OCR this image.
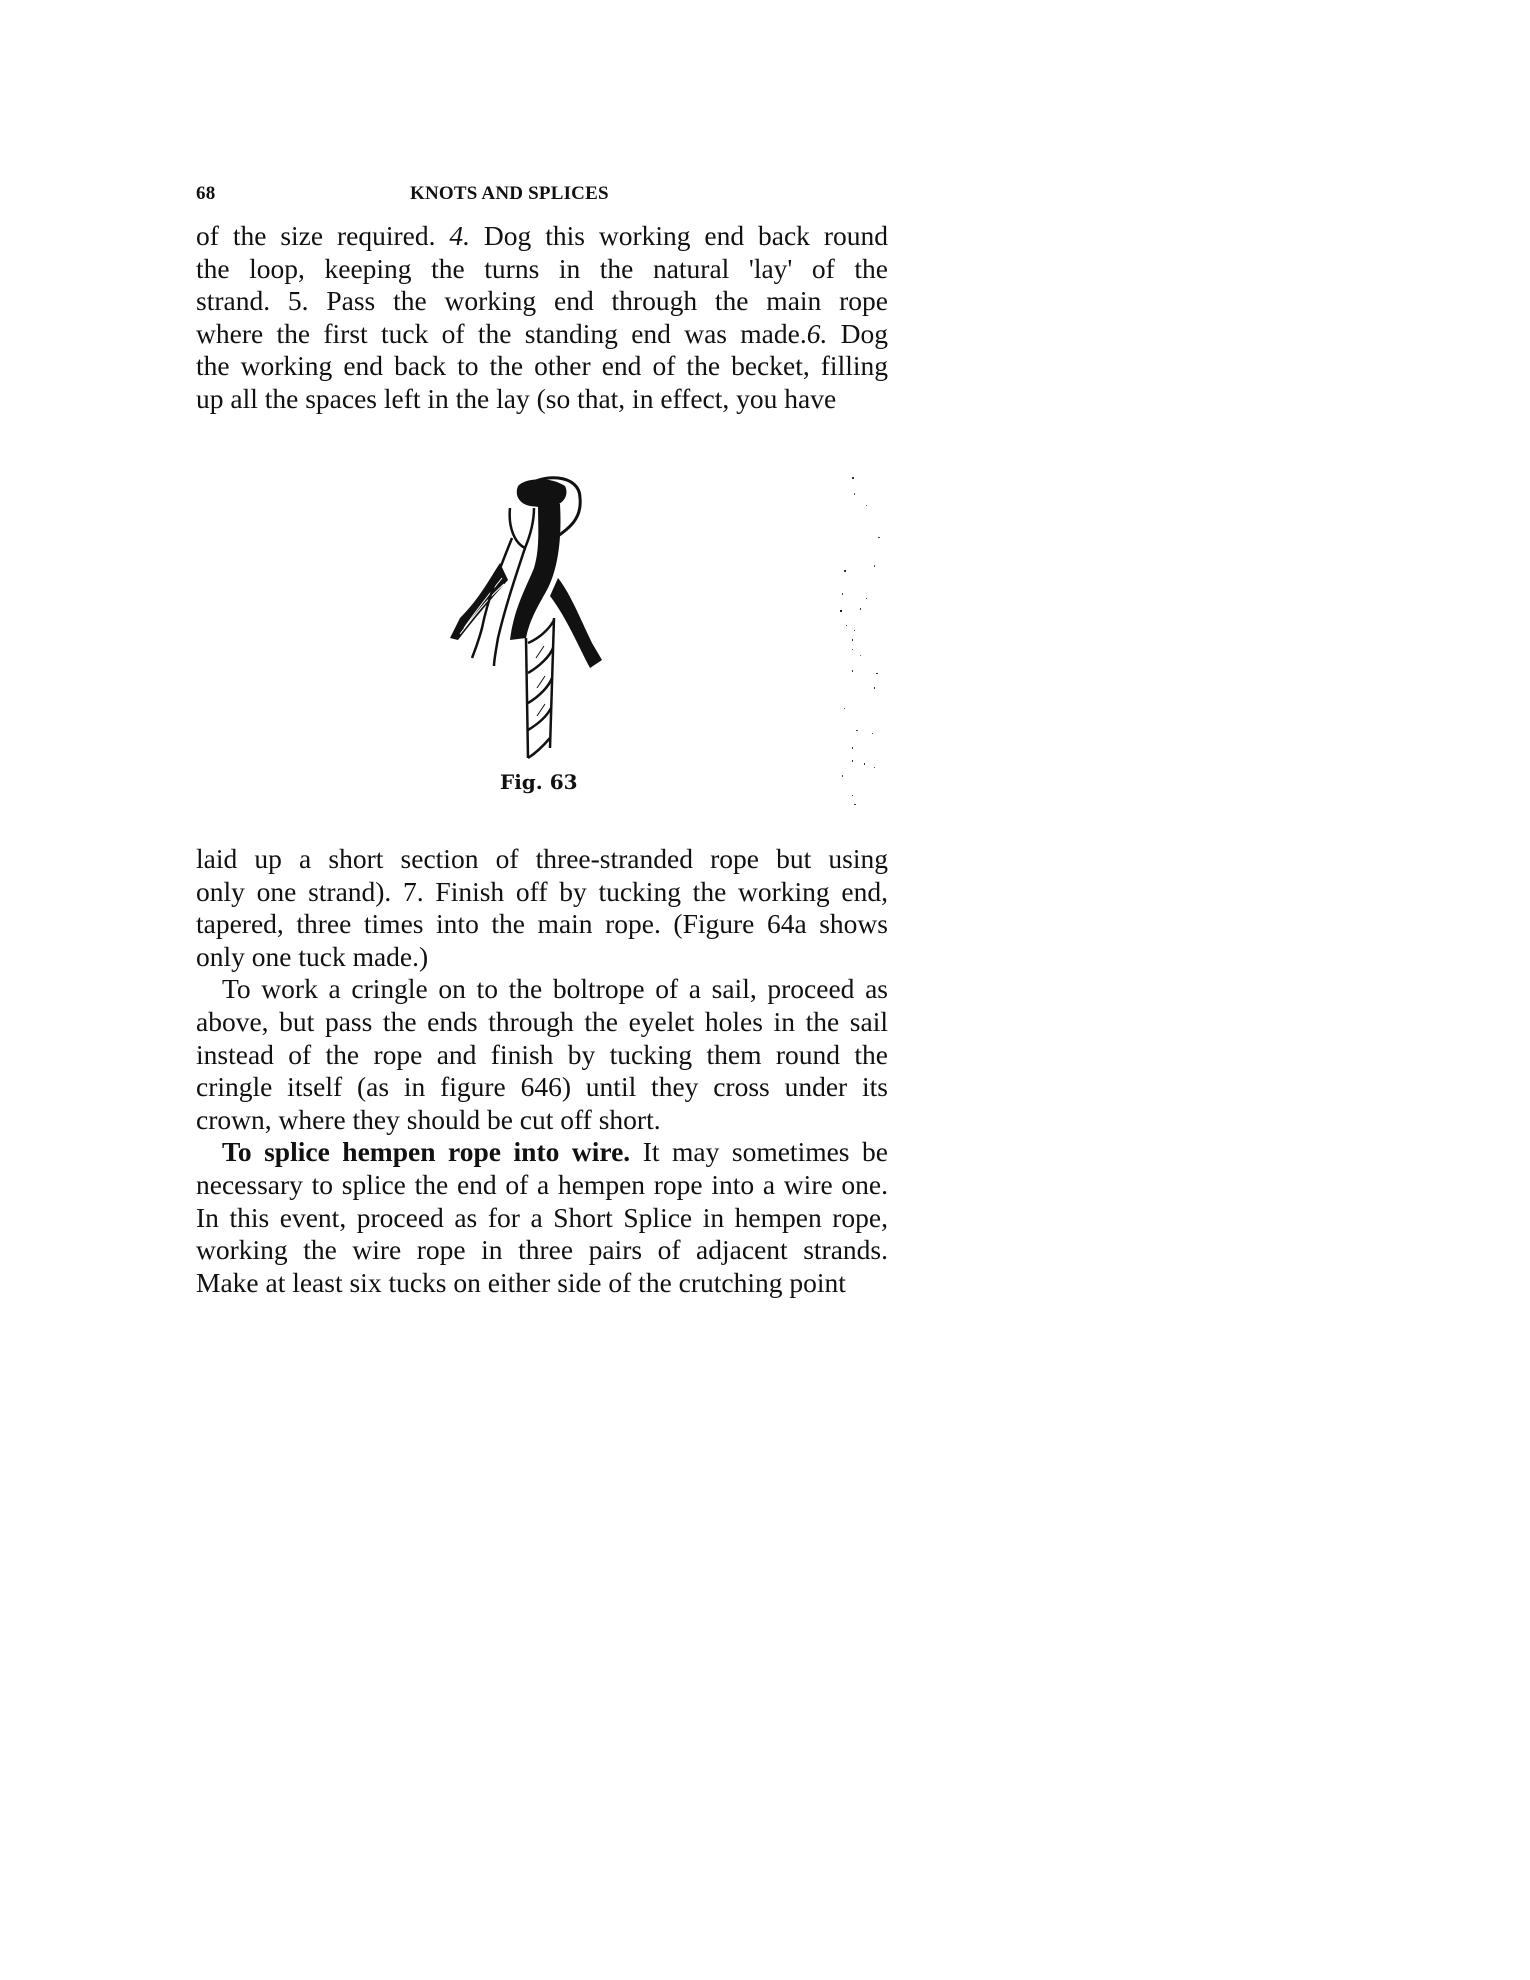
68	KNOTS AND SPLICES

of the size required. 4. Dog this working end back round
the loop, keeping the turns in the natural 'lay' of the
strand. 5. Pass the working end through the main rope
where the first tuck of the standing end was made.6. Dog
the working end back to the other end of the becket, filling
up all the spaces left in the lay (so that, in effect, you have

Fig. 63

laid up a short section of three-stranded rope but using
only one strand). 7. Finish off by tucking the working end,
tapered, three times into the main rope. (Figure 64a shows
only one tuck made.)

To work a cringle on to the boltrope of a sail, proceed as
above, but pass the ends through the eyelet holes in the sail
instead of the rope and finish by tucking them round the
cringle itself (as in figure 646) until they cross under its
crown, where they should be cut off short.

To splice hempen rope into wire. It may sometimes be
necessary to splice the end of a hempen rope into a wire one.
In this event, proceed as for a Short Splice in hempen rope,
working the wire rope in three pairs of adjacent strands.
Make at least six tucks on either side of the crutching point
